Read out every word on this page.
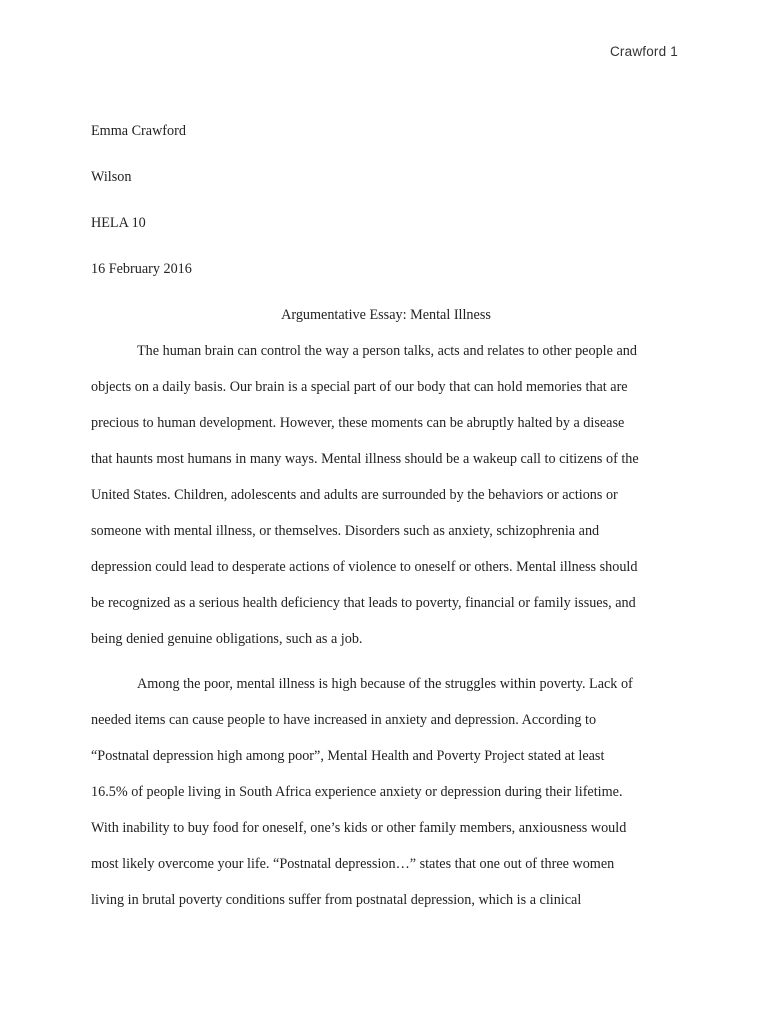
Crawford 1
Emma Crawford
Wilson
HELA 10
16 February 2016
Argumentative Essay: Mental Illness
The human brain can control the way a person talks, acts and relates to other people and
objects on a daily basis. Our brain is a special part of our body that can hold memories that are
precious to human development. However, these moments can be abruptly halted by a disease
that haunts most humans in many ways. Mental illness should be a wakeup call to citizens of the
United States. Children, adolescents and adults are surrounded by the behaviors or actions or
someone with mental illness, or themselves. Disorders such as anxiety, schizophrenia and
depression could lead to desperate actions of violence to oneself or others. Mental illness should
be recognized as a serious health deficiency that leads to poverty, financial or family issues, and
being denied genuine obligations, such as a job.
Among the poor, mental illness is high because of the struggles within poverty. Lack of
needed items can cause people to have increased in anxiety and depression. According to
“Postnatal depression high among poor”, Mental Health and Poverty Project stated at least
16.5% of people living in South Africa experience anxiety or depression during their lifetime.
With inability to buy food for oneself, one’s kids or other family members, anxiousness would
most likely overcome your life. “Postnatal depression…” states that one out of three women
living in brutal poverty conditions suffer from postnatal depression, which is a clinical
